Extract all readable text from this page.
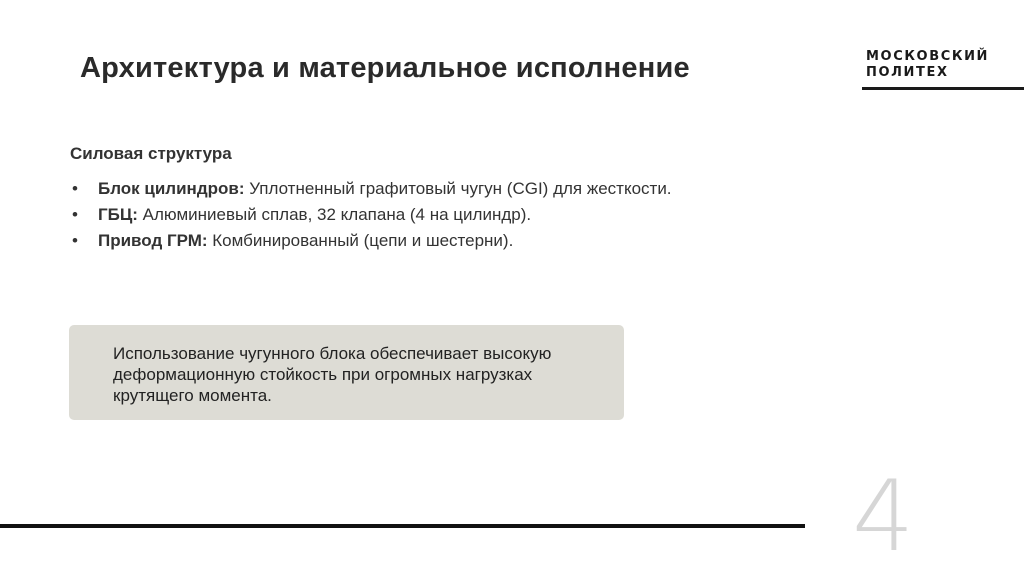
Архитектура и материальное исполнение	МОСКОВСКИЙ
ПОЛИТЕХ
Силовая структура
• Блок цилиндров: Уплотненный графитовый чугун (CGI) для жесткости.
• ГБЦ: Алюминиевый сплав, 32 клапана (4 на цилиндр).
• Привод ГРМ: Комбинированный (цепи и шестерни).
Использование чугунного блока обеспечивает высокую деформационную стойкость при огромных нагрузках крутящего момента.
4
